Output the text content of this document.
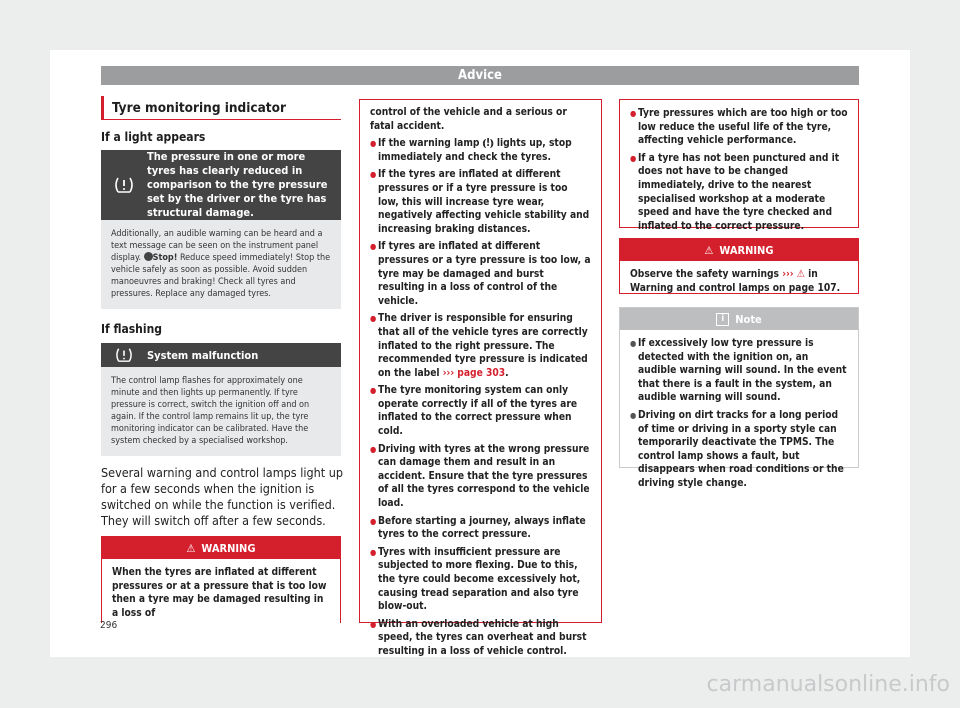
Advice
Tyre monitoring indicator
If a light appears
The pressure in one or more tyres has clearly reduced in comparison to the tyre pressure set by the driver or the tyre has structural damage.
Additionally, an audible warning can be heard and a text message can be seen on the instrument panel display. Stop! Reduce speed immediately! Stop the vehicle safely as soon as possible. Avoid sudden manoeuvres and braking! Check all tyres and pressures. Replace any damaged tyres.
If flashing
System malfunction
The control lamp flashes for approximately one minute and then lights up permanently. If tyre pressure is correct, switch the ignition off and on again. If the control lamp remains lit up, the tyre monitoring indicator can be calibrated. Have the system checked by a specialised workshop.
Several warning and control lamps light up for a few seconds when the ignition is switched on while the function is verified. They will switch off after a few seconds.
⚠ WARNING
When the tyres are inflated at different pressures or at a pressure that is too low then a tyre may be damaged resulting in a loss of
control of the vehicle and a serious or fatal accident.
● If the warning lamp ⦅!⦆ lights up, stop immediately and check the tyres.
● If the tyres are inflated at different pressures or if a tyre pressure is too low, this will increase tyre wear, negatively affecting vehicle stability and increasing braking distances.
● If tyres are inflated at different pressures or a tyre pressure is too low, a tyre may be damaged and burst resulting in a loss of control of the vehicle.
● The driver is responsible for ensuring that all of the vehicle tyres are correctly inflated to the right pressure. The recommended tyre pressure is indicated on the label ››› page 303.
● The tyre monitoring system can only operate correctly if all of the tyres are inflated to the correct pressure when cold.
● Driving with tyres at the wrong pressure can damage them and result in an accident. Ensure that the tyre pressures of all the tyres correspond to the vehicle load.
● Before starting a journey, always inflate tyres to the correct pressure.
● Tyres with insufficient pressure are subjected to more flexing. Due to this, the tyre could become excessively hot, causing tread separation and also tyre blow-out.
● With an overloaded vehicle at high speed, the tyres can overheat and burst resulting in a loss of vehicle control.
● Tyre pressures which are too high or too low reduce the useful life of the tyre, affecting vehicle performance.
● If a tyre has not been punctured and it does not have to be changed immediately, drive to the nearest specialised workshop at a moderate speed and have the tyre checked and inflated to the correct pressure.
⚠ WARNING
Observe the safety warnings ››› ⚠ in Warning and control lamps on page 107.
i	Note
● If excessively low tyre pressure is detected with the ignition on, an audible warning will sound. In the event that there is a fault in the system, an audible warning will sound.
● Driving on dirt tracks for a long period of time or driving in a sporty style can temporarily deactivate the TPMS. The control lamp shows a fault, but disappears when road conditions or the driving style change.
296
carmanualsonline.info
